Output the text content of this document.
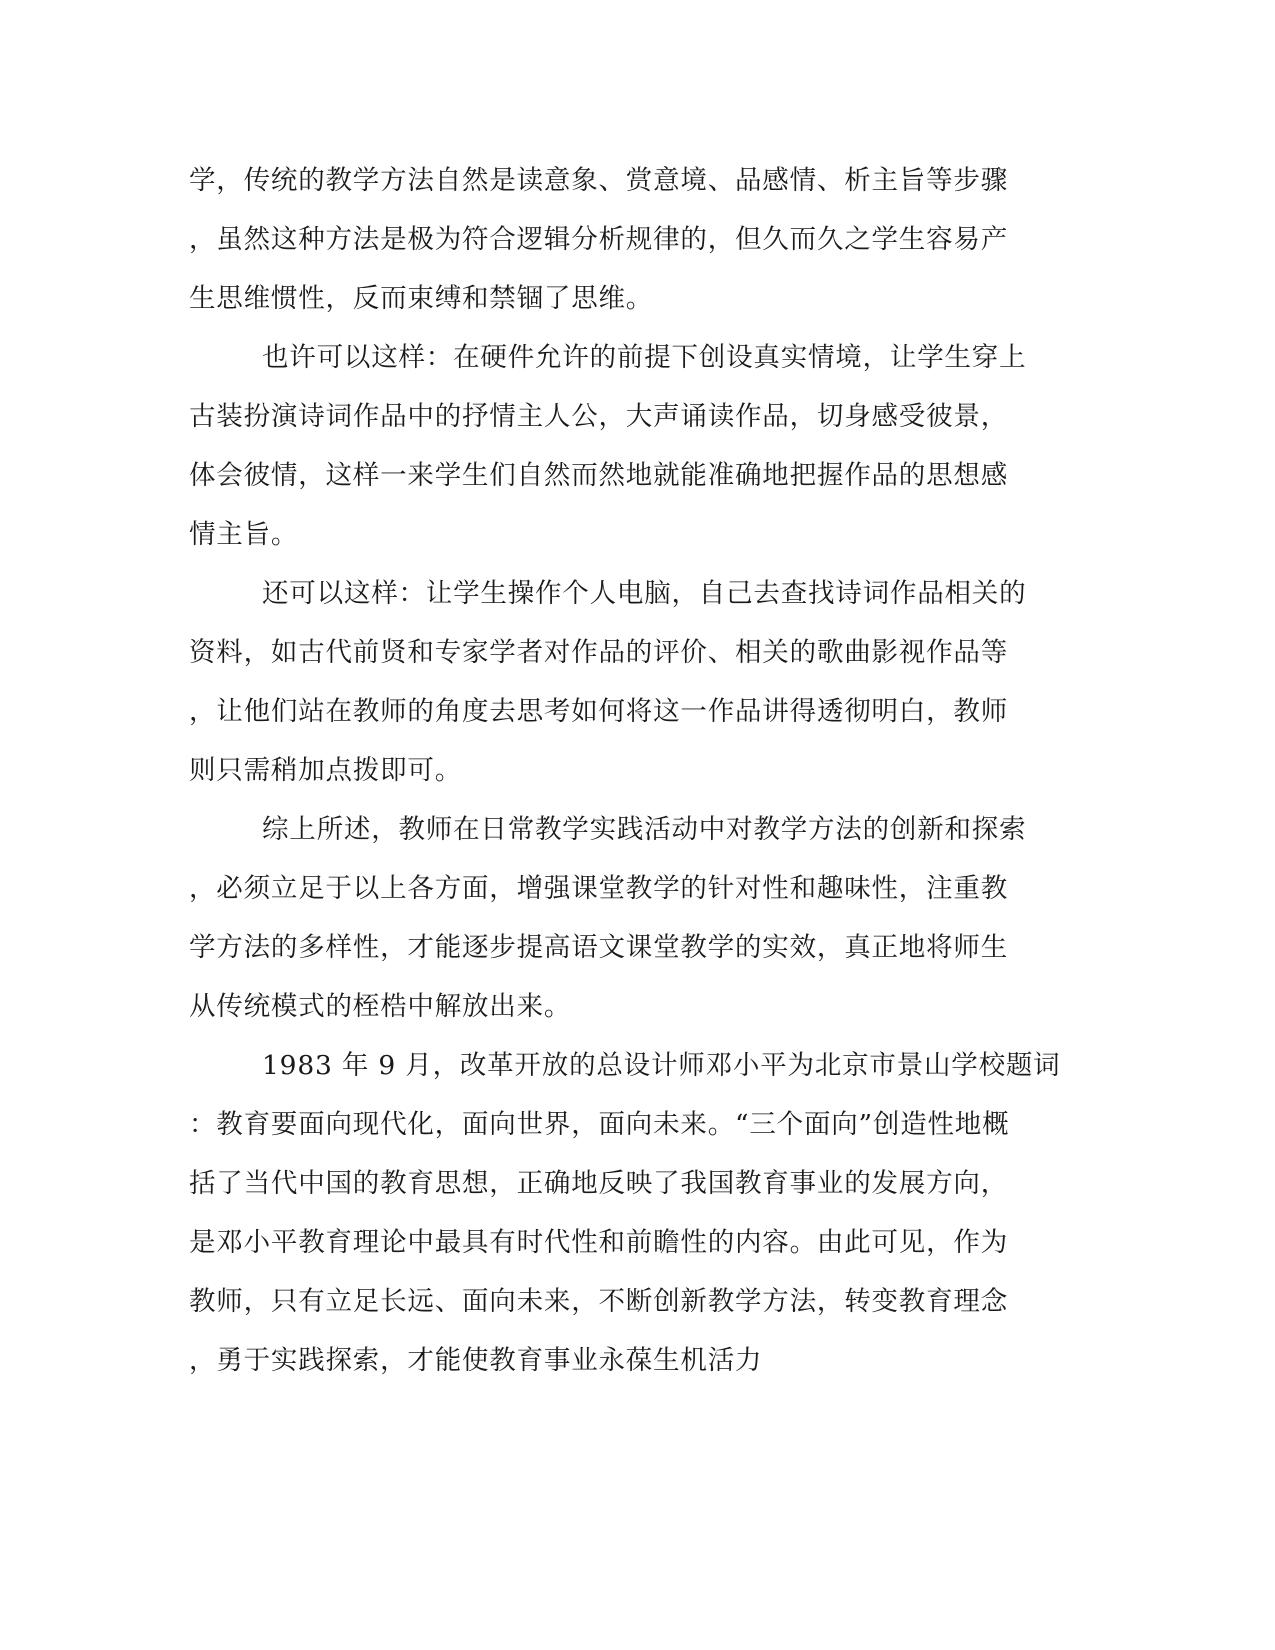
学，传统的教学方法自然是读意象、赏意境、品感情、析主旨等步骤
，虽然这种方法是极为符合逻辑分析规律的，但久而久之学生容易产
生思维惯性，反而束缚和禁锢了思维。
也许可以这样：在硬件允许的前提下创设真实情境，让学生穿上
古装扮演诗词作品中的抒情主人公，大声诵读作品，切身感受彼景，
体会彼情，这样一来学生们自然而然地就能准确地把握作品的思想感
情主旨。
还可以这样：让学生操作个人电脑，自己去查找诗词作品相关的
资料，如古代前贤和专家学者对作品的评价、相关的歌曲影视作品等
，让他们站在教师的角度去思考如何将这一作品讲得透彻明白，教师
则只需稍加点拨即可。
综上所述，教师在日常教学实践活动中对教学方法的创新和探索
，必须立足于以上各方面，增强课堂教学的针对性和趣味性，注重教
学方法的多样性，才能逐步提高语文课堂教学的实效，真正地将师生
从传统模式的桎梏中解放出来。
1983 年 9 月，改革开放的总设计师邓小平为北京市景山学校题词
：教育要面向现代化，面向世界，面向未来。“三个面向”创造性地概
括了当代中国的教育思想，正确地反映了我国教育事业的发展方向，
是邓小平教育理论中最具有时代性和前瞻性的内容。由此可见，作为
教师，只有立足长远、面向未来，不断创新教学方法，转变教育理念
，勇于实践探索，才能使教育事业永葆生机活力
